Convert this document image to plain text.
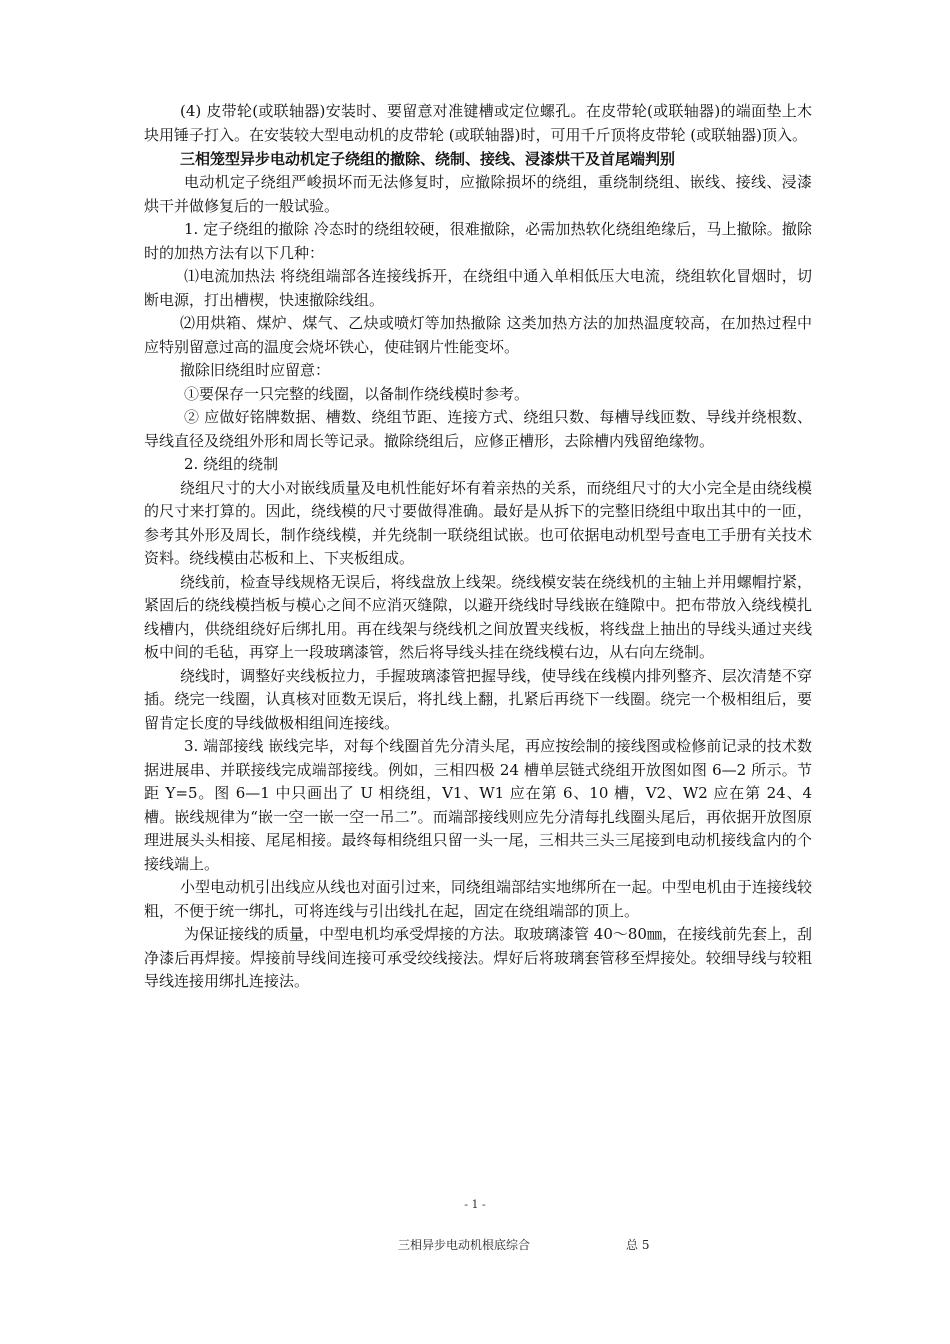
(4) 皮带轮(或联轴器)安装时、要留意对准键槽或定位螺孔。在皮带轮(或联轴器)的端面垫上木块用锤子打入。在安装较大型电动机的皮带轮 (或联轴器)时，可用千斤顶将皮带轮 (或联轴器)顶入。

三相笼型异步电动机定子绕组的撤除、绕制、接线、浸漆烘干及首尾端判别

电动机定子绕组严峻损坏而无法修复时，应撤除损坏的绕组，重绕制绕组、嵌线、接线、浸漆烘干并做修复后的一般试验。

1. 定子绕组的撤除 冷态时的绕组较硬，很难撤除，必需加热软化绕组绝缘后，马上撤除。撤除时的加热方法有以下几种：

⑴电流加热法 将绕组端部各连接线拆开，在绕组中通入单相低压大电流，绕组软化冒烟时，切断电源，打出槽楔，快速撤除线组。

⑵用烘箱、煤炉、煤气、乙炔或喷灯等加热撤除 这类加热方法的加热温度较高，在加热过程中应特别留意过高的温度会烧坏铁心，使硅钢片性能变坏。

撤除旧绕组时应留意：

①要保存一只完整的线圈，以备制作绕线模时参考。

② 应做好铭牌数据、槽数、绕组节距、连接方式、绕组只数、每槽导线匝数、导线并绕根数、导线直径及绕组外形和周长等记录。撤除绕组后，应修正槽形，去除槽内残留绝缘物。

2. 绕组的绕制

绕组尺寸的大小对嵌线质量及电机性能好坏有着亲热的关系，而绕组尺寸的大小完全是由绕线模的尺寸来打算的。因此，绕线模的尺寸要做得准确。最好是从拆下的完整旧绕组中取出其中的一匝，参考其外形及周长，制作绕线模，并先绕制一联绕组试嵌。也可依据电动机型号查电工手册有关技术资料。绕线模由芯板和上、下夹板组成。

绕线前，检查导线规格无误后，将线盘放上线架。绕线模安装在绕线机的主轴上并用螺帽拧紧，紧固后的绕线模挡板与模心之间不应消灭缝隙，以避开绕线时导线嵌在缝隙中。把布带放入绕线模扎线槽内，供绕组绕好后绑扎用。再在线架与绕线机之间放置夹线板，将线盘上抽出的导线头通过夹线板中间的毛毡，再穿上一段玻璃漆管，然后将导线头挂在绕线模右边，从右向左绕制。

绕线时，调整好夹线板拉力，手握玻璃漆管把握导线，使导线在线模内排列整齐、层次清楚不穿插。绕完一线圈，认真核对匝数无误后，将扎线上翻，扎紧后再绕下一线圈。绕完一个极相组后，要留肯定长度的导线做极相组间连接线。

3. 端部接线 嵌线完毕，对每个线圈首先分清头尾，再应按绘制的接线图或检修前记录的技术数据进展串、并联接线完成端部接线。例如，三相四极 24 槽单层链式绕组开放图如图 6—2 所示。节距 Y=5。图 6—1 中只画出了 U 相绕组，V1、W1 应在第 6、10 槽，V2、W2 应在第 24、4 槽。嵌线规律为“嵌一空一嵌一空一吊二”。而端部接线则应先分清每扎线圈头尾后，再依据开放图原理进展头头相接、尾尾相接。最终每相绕组只留一头一尾，三相共三头三尾接到电动机接线盒内的个接线端上。

小型电动机引出线应从线也对面引过来，同绕组端部结实地绑所在一起。中型电机由于连接线较粗，不便于统一绑扎，可将连线与引出线扎在起，固定在绕组端部的顶上。

为保证接线的质量，中型电机均承受焊接的方法。取玻璃漆管 40～80㎜，在接线前先套上，刮净漆后再焊接。焊接前导线间连接可承受绞线接法。焊好后将玻璃套管移至焊接处。较细导线与较粗导线连接用绑扎连接法。

- 1 -
三相异步电动机根底综合	总 5
